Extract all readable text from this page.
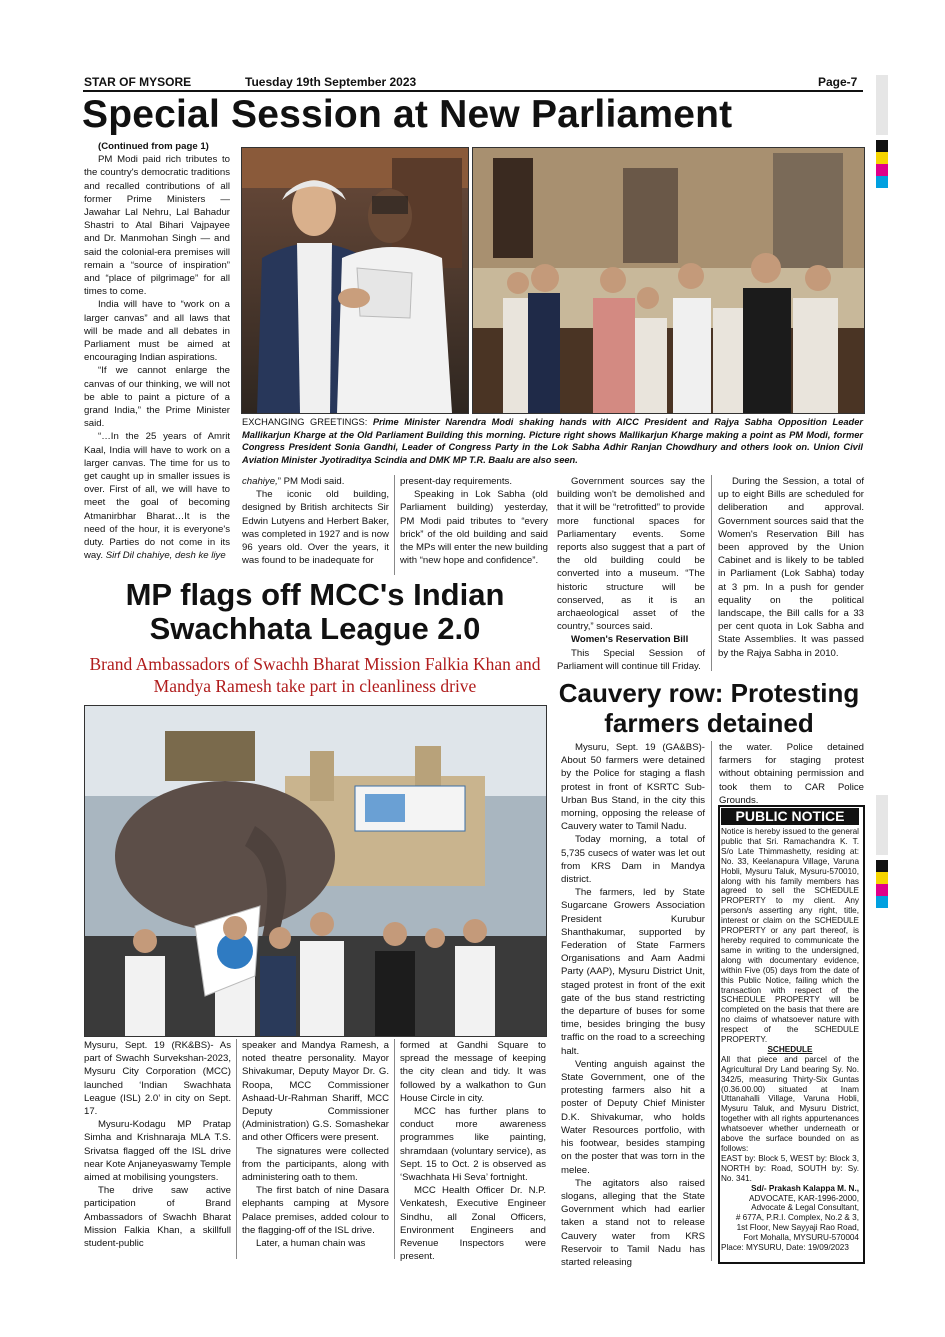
STAR OF MYSORE	Tuesday 19th September 2023	Page-7
Special Session at New Parliament
(Continued from page 1)

PM Modi paid rich tributes to the country's democratic traditions and recalled contributions of all former Prime Ministers — Jawahar Lal Nehru, Lal Bahadur Shastri to Atal Bihari Vajpayee and Dr. Manmohan Singh — and said the colonial-era premises will remain a “source of inspiration” and “place of pilgrimage” for all times to come.

India will have to “work on a larger canvas” and all laws that will be made and all debates in Parliament must be aimed at encouraging Indian aspirations.

“If we cannot enlarge the canvas of our thinking, we will not be able to paint a picture of a grand India,” the Prime Minister said.

“…In the 25 years of Amrit Kaal, India will have to work on a larger canvas. The time for us to get caught up in smaller issues is over. First of all, we will have to meet the goal of becoming Atmanirbhar Bharat…It is the need of the hour, it is everyone's duty. Parties do not come in its way. Sirf Dil chahiye, desh ke liye

EXCHANGING GREETINGS: Prime Minister Narendra Modi shaking hands with AICC President and Rajya Sabha Opposition Leader Mallikarjun Kharge at the Old Parliament Building this morning. Picture right shows Mallikarjun Kharge making a point as PM Modi, former Congress President Sonia Gandhi, Leader of Congress Party in the Lok Sabha Adhir Ranjan Chowdhury and others look on. Union Civil Aviation Minister Jyotiraditya Scindia and DMK MP T.R. Baalu are also seen.
chahiye,” PM Modi said.

The iconic old building, designed by British architects Sir Edwin Lutyens and Herbert Baker, was completed in 1927 and is now 96 years old. Over the years, it was found to be inadequate for

present-day requirements.

Speaking in Lok Sabha (old Parliament building) yesterday, PM Modi paid tributes to “every brick” of the old building and said the MPs will enter the new building with “new hope and confidence”.

Government sources say the building won't be demolished and that it will be “retrofitted” to provide more functional spaces for Parliamentary events. Some reports also suggest that a part of the old building could be converted into a museum. “The historic structure will be conserved, as it is an archaeological asset of the country,” sources said.

Women's Reservation Bill

This Special Session of Parliament will continue till Friday.

During the Session, a total of up to eight Bills are scheduled for deliberation and approval. Government sources said that the Women's Reservation Bill has been approved by the Union Cabinet and is likely to be tabled in Parliament (Lok Sabha) today at 3 pm. In a push for gender equality on the political landscape, the Bill calls for a 33 per cent quota in Lok Sabha and State Assemblies. It was passed by the Rajya Sabha in 2010.

MP flags off MCC's Indian Swachhata League 2.0
Brand Ambassadors of Swachh Bharat Mission Falkia Khan and Mandya Ramesh take part in cleanliness drive

Mysuru, Sept. 19 (RK&BS)- As part of Swachh Survekshan-2023, Mysuru City Corporation (MCC) launched ‘Indian Swachhata League (ISL) 2.0’ in city on Sept. 17.

Mysuru-Kodagu MP Pratap Simha and Krishnaraja MLA T.S. Srivatsa flagged off the ISL drive near Kote Anjaneyaswamy Temple aimed at mobilising youngsters.

The drive saw active participation of Brand Ambassadors of Swachh Bharat Mission Falkia Khan, a skillfull student-public

speaker and Mandya Ramesh, a noted theatre personality. Mayor Shivakumar, Deputy Mayor Dr. G. Roopa, MCC Commissioner Ashaad-Ur-Rahman Shariff, MCC Deputy Commissioner (Administration) G.S. Somashekar and other Officers were present.

The signatures were collected from the participants, along with administering oath to them.

The first batch of nine Dasara elephants camping at Mysore Palace premises, added colour to the flagging-off of the ISL drive.

Later, a human chain was

formed at Gandhi Square to spread the message of keeping the city clean and tidy. It was followed by a walkathon to Gun House Circle in city.

MCC has further plans to conduct more awareness programmes like painting, shramdaan (voluntary service), as Sept. 15 to Oct. 2 is observed as ‘Swachhata Hi Seva’ fortnight.

MCC Health Officer Dr. N.P. Venkatesh, Executive Engineer Sindhu, all Zonal Officers, Environment Engineers and Revenue Inspectors were present.

Cauvery row: Protesting farmers detained

Mysuru, Sept. 19 (GA&BS)- About 50 farmers were detained by the Police for staging a flash protest in front of KSRTC Sub-Urban Bus Stand, in the city this morning, opposing the release of Cauvery water to Tamil Nadu.

Today morning, a total of 5,735 cusecs of water was let out from KRS Dam in Mandya district.

The farmers, led by State Sugarcane Growers Association President Kurubur Shanthakumar, supported by Federation of State Farmers Organisations and Aam Aadmi Party (AAP), Mysuru District Unit, staged protest in front of the exit gate of the bus stand restricting the departure of buses for some time, besides bringing the busy traffic on the road to a screeching halt.

Venting anguish against the State Government, one of the protesting farmers also hit a poster of Deputy Chief Minister D.K. Shivakumar, who holds Water Resources portfolio, with his footwear, besides stamping on the poster that was torn in the melee.

The agitators also raised slogans, alleging that the State Government which had earlier taken a stand not to release Cauvery water from KRS Reservoir to Tamil Nadu has started releasing

the water. Police detained farmers for staging protest without obtaining permission and took them to CAR Police Grounds.
PUBLIC NOTICE

Notice is hereby issued to the general public that Sri. Ramachandra K. T. S/o Late Thimmashetty, residing at: No. 33, Keelanapura Village, Varuna Hobli, Mysuru Taluk, Mysuru-570010, along with his family members has agreed to sell the SCHEDULE PROPERTY to my client. Any person/s asserting any right, title, interest or claim on the SCHEDULE PROPERTY or any part thereof, is hereby required to communicate the same in writing to the undersigned, along with documentary evidence, within Five (05) days from the date of this Public Notice, failing which the transaction with respect of the SCHEDULE PROPERTY will be completed on the basis that there are no claims of whatsoever nature with respect of the SCHEDULE PROPERTY.

SCHEDULE

All that piece and parcel of the Agricultural Dry Land bearing Sy. No. 342/5, measuring Thirty-Six Guntas (0.36.00.00) situated at Inam Uttanahalli Village, Varuna Hobli, Mysuru Taluk, and Mysuru District, together with all rights appurtenances whatsoever whether underneath or above the surface bounded on as follows:

EAST by: Block 5, WEST by: Block 3, NORTH by: Road, SOUTH by: Sy. No. 341.

Sd/- Prakash Kalappa M. N.,

ADVOCATE, KAR-1996-2000,

Advocate & Legal Consultant,

# 677A, P.R.I. Complex, No.2 & 3,

1st Floor, New Sayyaji Rao Road,

Fort Mohalla, MYSURU-570004

Place: MYSURU, Date: 19/09/2023
